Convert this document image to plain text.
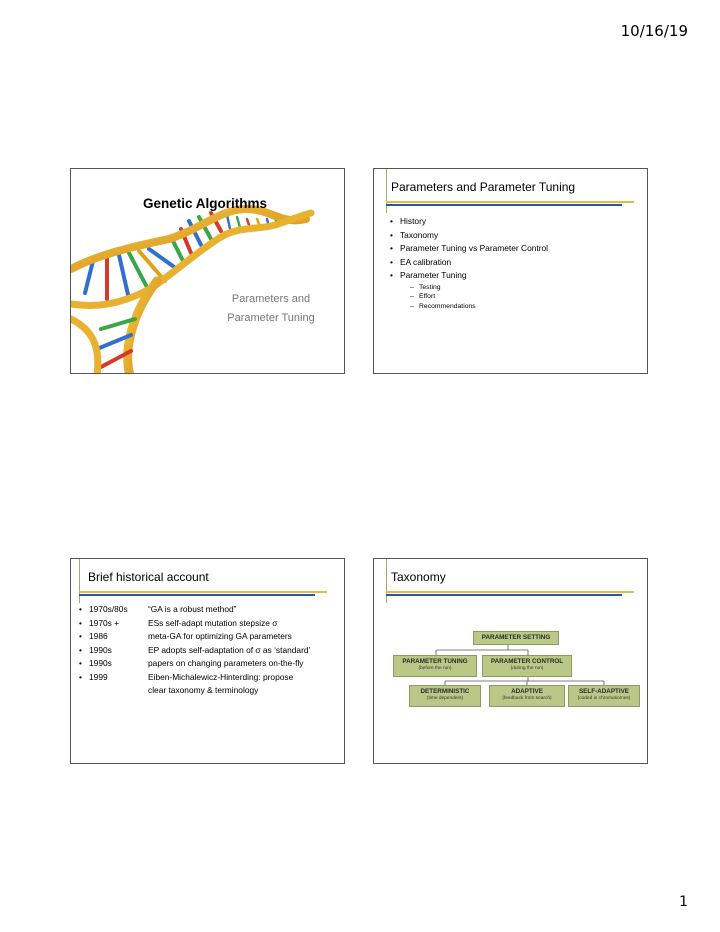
10/16/19
Genetic Algorithms
Parameters and
Parameter Tuning
Parameters and Parameter Tuning
• History
• Taxonomy
• Parameter Tuning vs Parameter Control
• EA calibration
• Parameter Tuning
– Testing
– Effort
– Recommendations
Brief historical account
• 1970s/80s	“GA is a robust method”
• 1970s +	ESs self-adapt mutation stepsize σ
• 1986	meta-GA for optimizing GA parameters
• 1990s	EP adopts self-adaptation of σ as ‘standard’
• 1990s	papers on changing parameters on-the-fly
• 1999	Eiben-Michalewicz-Hinterding: propose
clear taxonomy & terminology
Taxonomy
PARAMETER SETTING
PARAMETER TUNING
(before the run)
PARAMETER CONTROL
(during the run)
DETERMINISTIC
(time dependent)
ADAPTIVE
(feedback from search)
SELF-ADAPTIVE
(coded in chromosomes)
1
